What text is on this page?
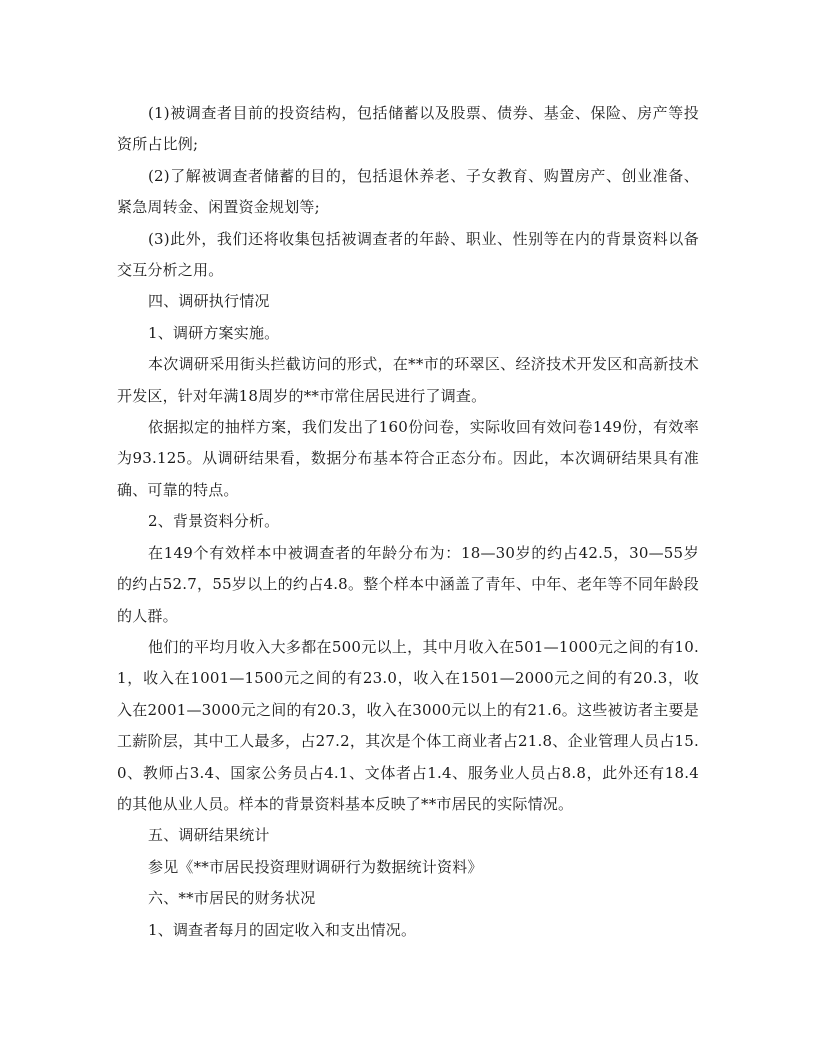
(1)被调查者目前的投资结构，包括储蓄以及股票、债券、基金、保险、房产等投资所占比例;

(2)了解被调查者储蓄的目的，包括退休养老、子女教育、购置房产、创业准备、紧急周转金、闲置资金规划等;

(3)此外，我们还将收集包括被调查者的年龄、职业、性别等在内的背景资料以备交互分析之用。

四、调研执行情况

1、调研方案实施。

本次调研采用街头拦截访问的形式，在**市的环翠区、经济技术开发区和高新技术开发区，针对年满18周岁的**市常住居民进行了调查。

依据拟定的抽样方案，我们发出了160份问卷，实际收回有效问卷149份，有效率为93.125。从调研结果看，数据分布基本符合正态分布。因此，本次调研结果具有准确、可靠的特点。

2、背景资料分析。

在149个有效样本中被调查者的年龄分布为：18—30岁的约占42.5，30—55岁的约占52.7，55岁以上的约占4.8。整个样本中涵盖了青年、中年、老年等不同年龄段的人群。

他们的平均月收入大多都在500元以上，其中月收入在501—1000元之间的有10.1，收入在1001—1500元之间的有23.0，收入在1501—2000元之间的有20.3，收入在2001—3000元之间的有20.3，收入在3000元以上的有21.6。这些被访者主要是工薪阶层，其中工人最多，占27.2，其次是个体工商业者占21.8、企业管理人员占15.0、教师占3.4、国家公务员占4.1、文体者占1.4、服务业人员占8.8，此外还有18.4的其他从业人员。样本的背景资料基本反映了**市居民的实际情况。

五、调研结果统计

参见《**市居民投资理财调研行为数据统计资料》

六、**市居民的财务状况

1、调查者每月的固定收入和支出情况。
